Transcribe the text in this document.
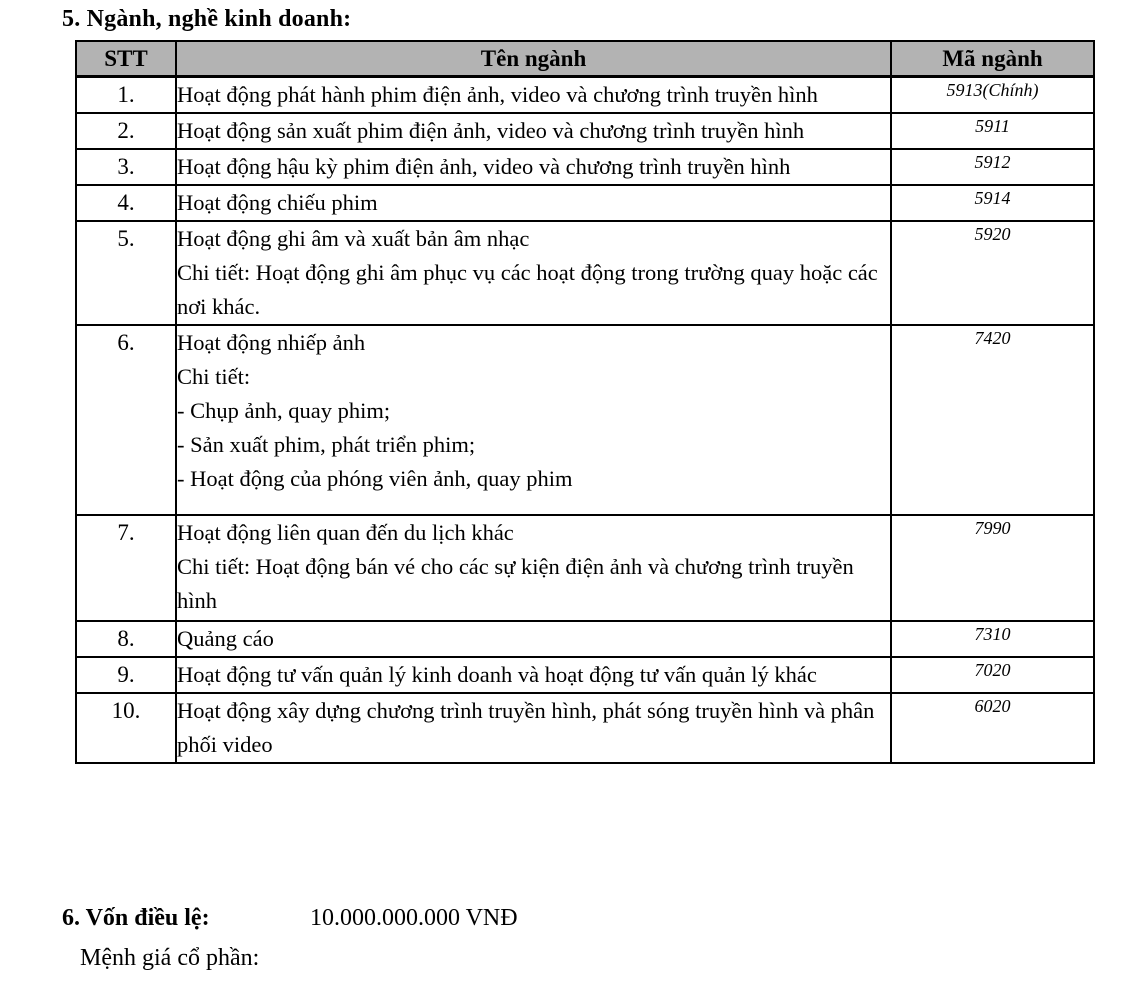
5. Ngành, nghề kinh doanh:
STT	Tên ngành	Mã ngành
1.	Hoạt động phát hành phim điện ảnh, video và chương trình truyền hình	5913(Chính)
2.	Hoạt động sản xuất phim điện ảnh, video và chương trình truyền hình	5911
3.	Hoạt động hậu kỳ phim điện ảnh, video và chương trình truyền hình	5912
4.	Hoạt động chiếu phim	5914
5.	Hoạt động ghi âm và xuất bản âm nhạc
Chi tiết: Hoạt động ghi âm phục vụ các hoạt động trong trường quay hoặc các nơi khác.	5920
6.	Hoạt động nhiếp ảnh
Chi tiết:
- Chụp ảnh, quay phim;
- Sản xuất phim, phát triển phim;
- Hoạt động của phóng viên ảnh, quay phim	7420
7.	Hoạt động liên quan đến du lịch khác
Chi tiết: Hoạt động bán vé cho các sự kiện điện ảnh và chương trình truyền hình	7990
8.	Quảng cáo	7310
9.	Hoạt động tư vấn quản lý kinh doanh và hoạt động tư vấn quản lý khác	7020
10.	Hoạt động xây dựng chương trình truyền hình, phát sóng truyền hình và phân phối video	6020
6. Vốn điều lệ:	10.000.000.000 VNĐ
Mệnh giá cổ phần:
